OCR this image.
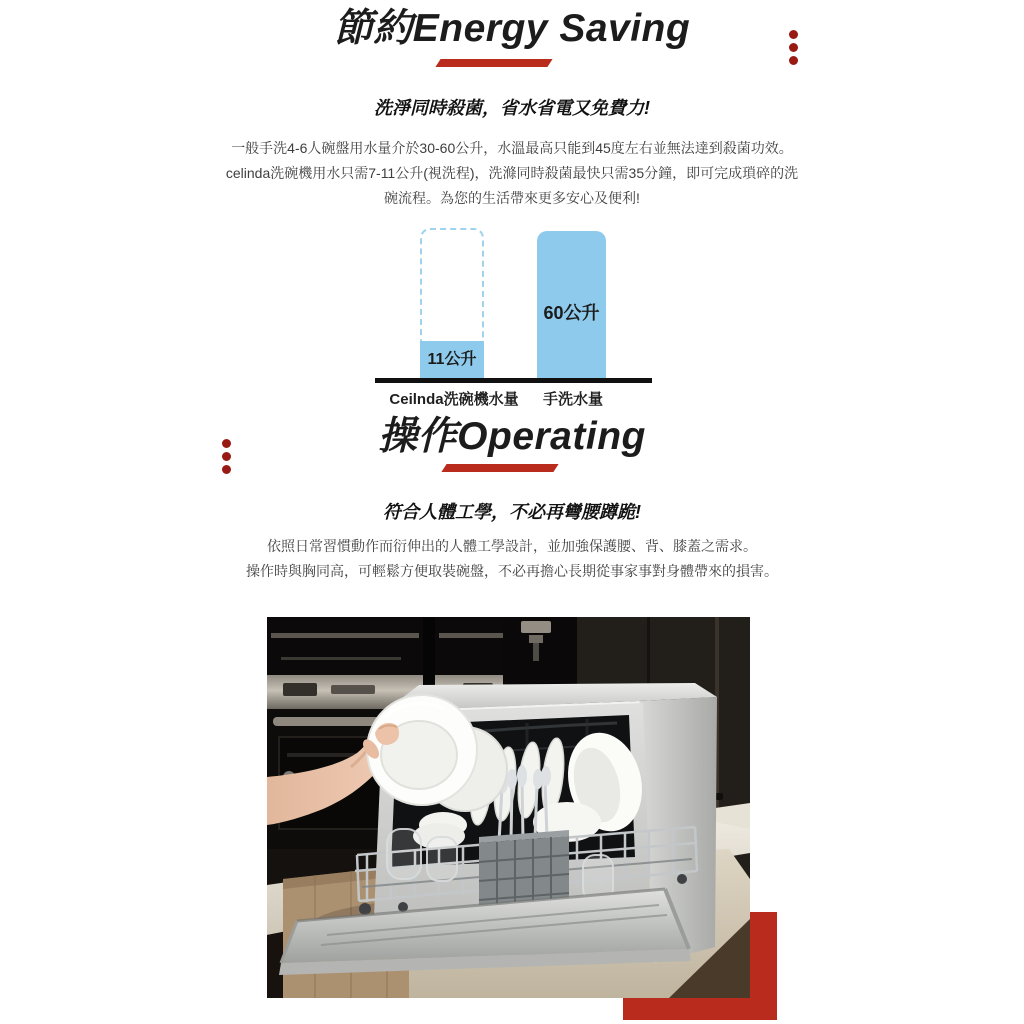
節約Energy Saving

洗淨同時殺菌，省水省電又免費力!

一般手洗4-6人碗盤用水量介於30-60公升，水溫最高只能到45度左右並無法達到殺菌功效。

celinda洗碗機用水只需7-11公升(視洗程)，洗滌同時殺菌最快只需35分鐘，即可完成瑣碎的洗

碗流程。為您的生活帶來更多安心及便利!

11公升
60公升
Ceilnda洗碗機水量 手洗水量
操作Operating

符合人體工學，不必再彎腰蹲跪!

依照日常習慣動作而衍伸出的人體工學設計，並加強保護腰、背、膝蓋之需求。

操作時與胸同高，可輕鬆方便取裝碗盤，不必再擔心長期從事家事對身體帶來的損害。
